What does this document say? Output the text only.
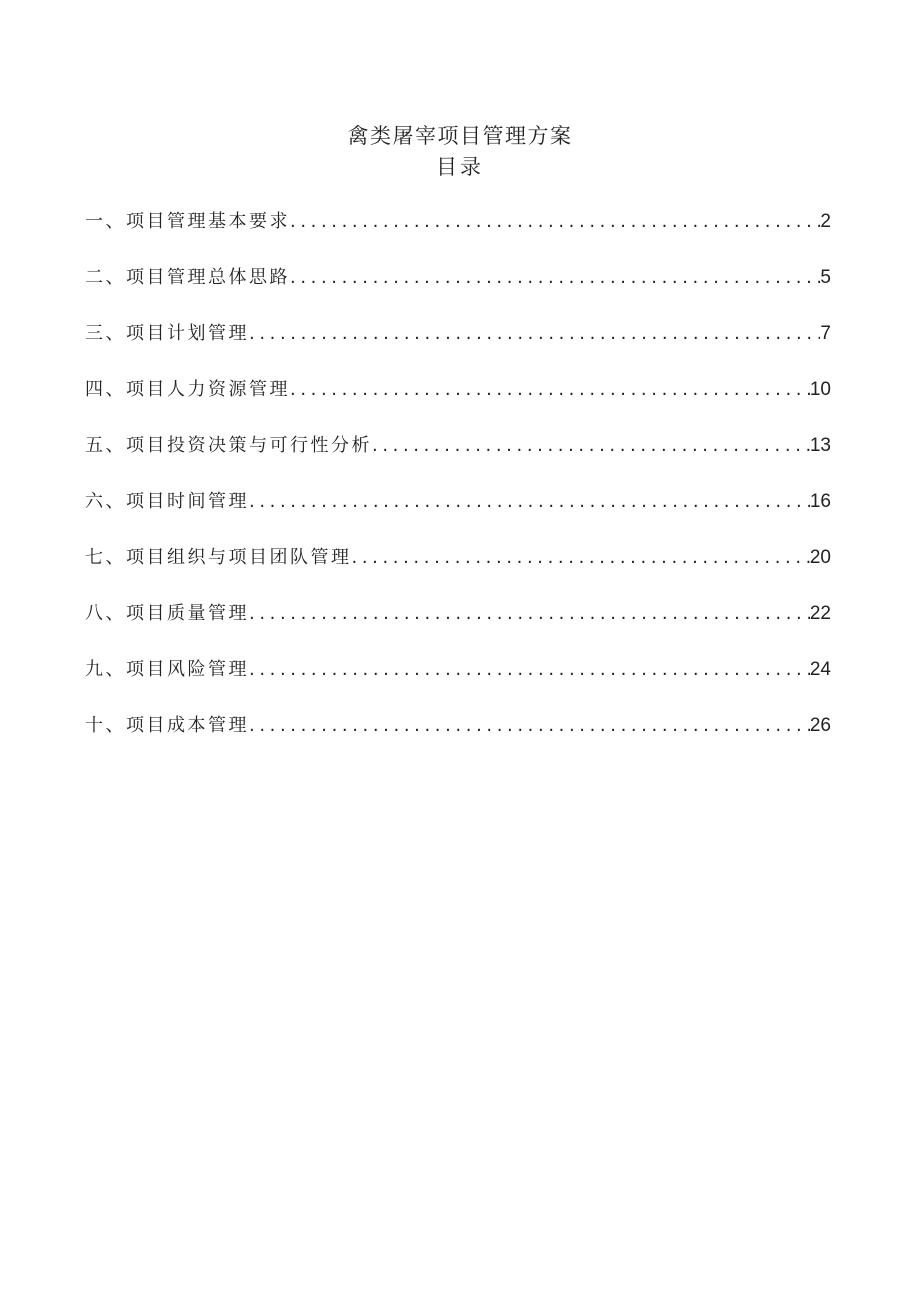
禽类屠宰项目管理方案
目录
一、项目管理基本要求 .....	2
二、项目管理总体思路 .....	5
三、项目计划管理 .....	7
四、项目人力资源管理 .....	10
五、项目投资决策与可行性分析 .....	13
六、项目时间管理 .....	16
七、项目组织与项目团队管理 .....	20
八、项目质量管理 .....	22
九、项目风险管理 .....	24
十、项目成本管理 .....	26
